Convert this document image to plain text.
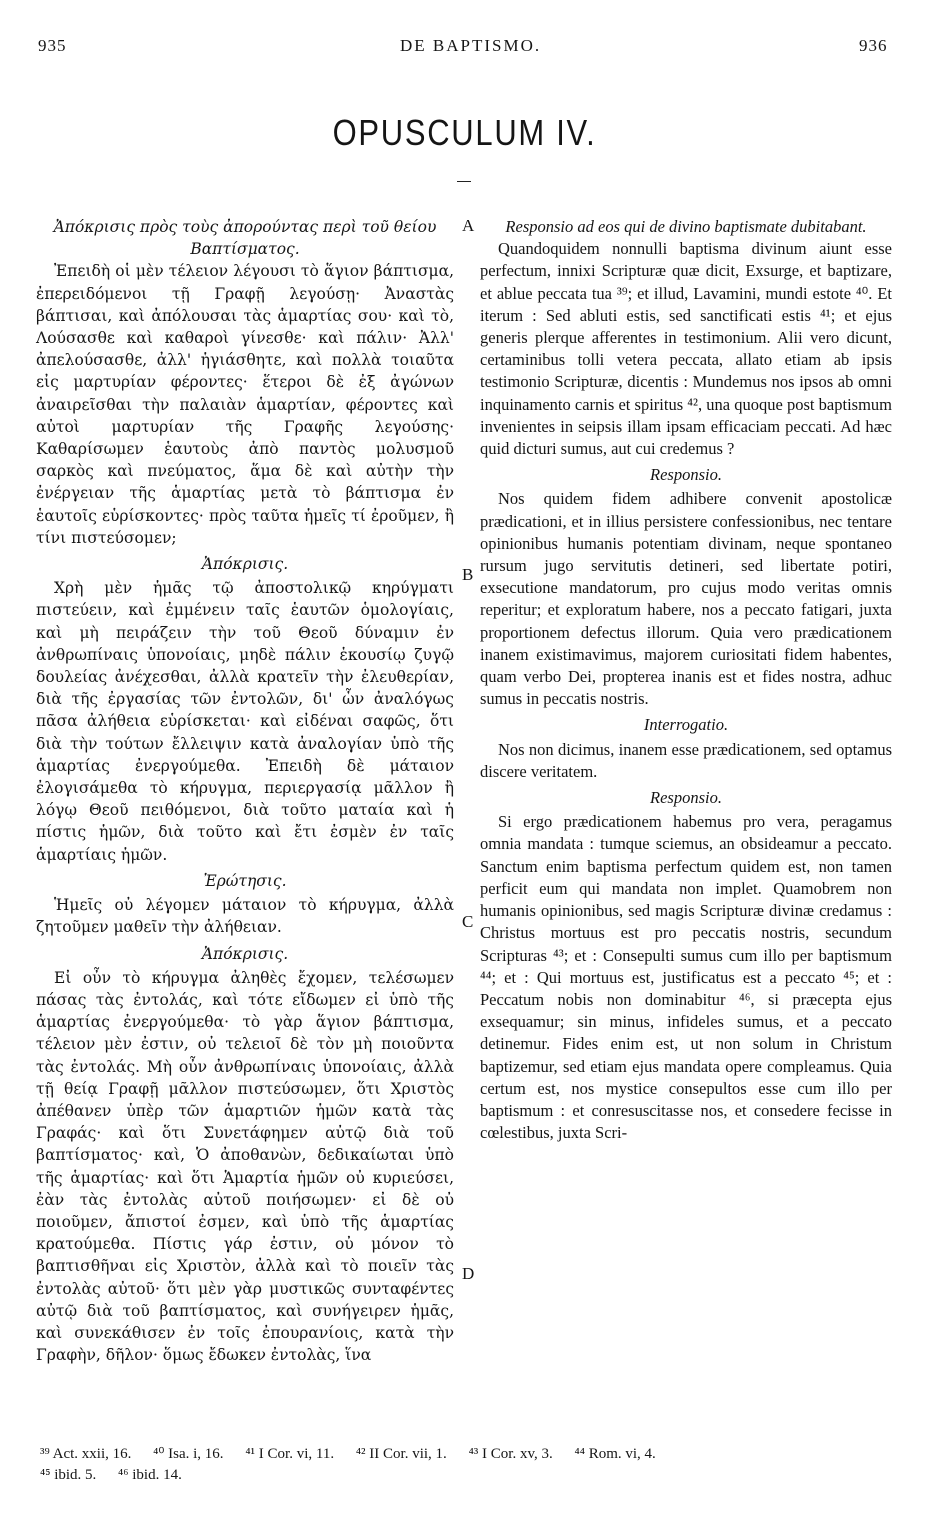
935	DE BAPTISMO.	936
OPUSCULUM IV.
A
B
C
D

Ἀπόκρισις πρὸς τοὺς ἀπορούντας περὶ τοῦ θείου Βαπτίσματος.

Ἐπειδὴ οἱ μὲν τέλειον λέγουσι τὸ ἅγιον βάπτισμα, ἐπερειδόμενοι τῇ Γραφῇ λεγούσῃ· Ἀναστὰς βάπτισαι, καὶ ἀπόλουσαι τὰς ἁμαρτίας σου· καὶ τὸ, Λούσασθε καὶ καθαροὶ γίνεσθε· καὶ πάλιν· Ἀλλ' ἀπελούσασθε, ἀλλ' ἡγιάσθητε, καὶ πολλὰ τοιαῦτα εἰς μαρτυρίαν φέροντες· ἕτεροι δὲ ἐξ ἀγώνων ἀναιρεῖσθαι τὴν παλαιὰν ἁμαρτίαν, φέροντες καὶ αὐτοὶ μαρτυρίαν τῆς Γραφῆς λεγούσης· Καθαρίσωμεν ἑαυτοὺς ἀπὸ παντὸς μολυσμοῦ σαρκὸς καὶ πνεύματος, ἅμα δὲ καὶ αὐτὴν τὴν ἐνέργειαν τῆς ἁμαρτίας μετὰ τὸ βάπτισμα ἐν ἑαυτοῖς εὑρίσκοντες· πρὸς ταῦτα ἡμεῖς τί ἐροῦμεν, ἢ τίνι πιστεύσομεν;

Ἀπόκρισις.

Χρὴ μὲν ἡμᾶς τῷ ἀποστολικῷ κηρύγματι πιστεύειν, καὶ ἐμμένειν ταῖς ἑαυτῶν ὁμολογίαις, καὶ μὴ πειράζειν τὴν τοῦ Θεοῦ δύναμιν ἐν ἀνθρωπίναις ὑπονοίαις, μηδὲ πάλιν ἑκουσίῳ ζυγῷ δουλείας ἀνέχεσθαι, ἀλλὰ κρατεῖν τὴν ἐλευθερίαν, διὰ τῆς ἐργασίας τῶν ἐντολῶν, δι' ὧν ἀναλόγως πᾶσα ἀλήθεια εὑρίσκεται· καὶ εἰδέναι σαφῶς, ὅτι διὰ τὴν τούτων ἔλλειψιν κατὰ ἀναλογίαν ὑπὸ τῆς ἁμαρτίας ἐνεργούμεθα. Ἐπειδὴ δὲ μάταιον ἐλογισάμεθα τὸ κήρυγμα, περιεργασίᾳ μᾶλλον ἢ λόγῳ Θεοῦ πειθόμενοι, διὰ τοῦτο ματαία καὶ ἡ πίστις ἡμῶν, διὰ τοῦτο καὶ ἔτι ἐσμὲν ἐν ταῖς ἁμαρτίαις ἡμῶν.

Ἐρώτησις.

Ἡμεῖς οὐ λέγομεν μάταιον τὸ κήρυγμα, ἀλλὰ ζητοῦμεν μαθεῖν τὴν ἀλήθειαν.

Ἀπόκρισις.

Εἰ οὖν τὸ κήρυγμα ἀληθὲς ἔχομεν, τελέσωμεν πάσας τὰς ἐντολάς, καὶ τότε εἴδωμεν εἰ ὑπὸ τῆς ἁμαρτίας ἐνεργούμεθα· τὸ γὰρ ἅγιον βάπτισμα, τέλειον μὲν ἐστιν, οὐ τελειοῖ δὲ τὸν μὴ ποιοῦντα τὰς ἐντολάς. Μὴ οὖν ἀνθρωπίναις ὑπονοίαις, ἀλλὰ τῇ θείᾳ Γραφῇ μᾶλλον πιστεύσωμεν, ὅτι Χριστὸς ἀπέθανεν ὑπὲρ τῶν ἁμαρτιῶν ἡμῶν κατὰ τὰς Γραφάς· καὶ ὅτι Συνετάφημεν αὐτῷ διὰ τοῦ βαπτίσματος· καὶ, Ὁ ἀποθανὼν, δεδικαίωται ὑπὸ τῆς ἁμαρτίας· καὶ ὅτι Ἁμαρτία ἡμῶν οὐ κυριεύσει, ἐὰν τὰς ἐντολὰς αὐτοῦ ποιήσωμεν· εἰ δὲ οὐ ποιοῦμεν, ἄπιστοί ἐσμεν, καὶ ὑπὸ τῆς ἁμαρτίας κρατούμεθα. Πίστις γάρ ἐστιν, οὐ μόνον τὸ βαπτισθῆναι εἰς Χριστὸν, ἀλλὰ καὶ τὸ ποιεῖν τὰς ἐντολὰς αὐτοῦ· ὅτι μὲν γὰρ μυστικῶς συνταφέντες αὐτῷ διὰ τοῦ βαπτίσματος, καὶ συνήγειρεν ἡμᾶς, καὶ συνεκάθισεν ἐν τοῖς ἐπουρανίοις, κατὰ τὴν Γραφὴν, δῆλον· ὅμως ἔδωκεν ἐντολὰς, ἵνα

Responsio ad eos qui de divino baptismate dubitabant.

Quandoquidem nonnulli baptisma divinum aiunt esse perfectum, innixi Scripturæ quæ dicit, Exsurge, et baptizare, et ablue peccata tua ³⁹; et illud, Lavamini, mundi estote ⁴⁰. Et iterum : Sed abluti estis, sed sanctificati estis ⁴¹; et ejus generis plerque afferentes in testimonium. Alii vero dicunt, certaminibus tolli vetera peccata, allato etiam ab ipsis testimonio Scripturæ, dicentis : Mundemus nos ipsos ab omni inquinamento carnis et spiritus ⁴², una quoque post baptismum invenientes in seipsis illam ipsam efficaciam peccati. Ad hæc quid dicturi sumus, aut cui credemus ?

Responsio.

Nos quidem fidem adhibere convenit apostolicæ prædicationi, et in illius persistere confessionibus, nec tentare opinionibus humanis potentiam divinam, neque spontaneo rursum jugo servitutis detineri, sed libertate potiri, exsecutione mandatorum, pro cujus modo veritas omnis reperitur; et exploratum habere, nos a peccato fatigari, juxta proportionem defectus illorum. Quia vero prædicationem inanem existimavimus, majorem curiositati fidem habentes, quam verbo Dei, propterea inanis est et fides nostra, adhuc sumus in peccatis nostris.

Interrogatio.

Nos non dicimus, inanem esse prædicationem, sed optamus discere veritatem.

Responsio.

Si ergo prædicationem habemus pro vera, peragamus omnia mandata : tumque sciemus, an obsideamur a peccato. Sanctum enim baptisma perfectum quidem est, non tamen perficit eum qui mandata non implet. Quamobrem non humanis opinionibus, sed magis Scripturæ divinæ credamus : Christus mortuus est pro peccatis nostris, secundum Scripturas ⁴³; et : Consepulti sumus cum illo per baptismum ⁴⁴; et : Qui mortuus est, justificatus est a peccato ⁴⁵; et : Peccatum nobis non dominabitur ⁴⁶, si præcepta ejus exsequamur; sin minus, infideles sumus, et a peccato detinemur. Fides enim est, ut non solum in Christum baptizemur, sed etiam ejus mandata opere compleamus. Quia certum est, nos mystice consepultos esse cum illo per baptismum : et conresuscitasse nos, et consedere fecisse in cœlestibus, juxta Scri-

³⁹ Act. xxii, 16. ⁴⁰ Isa. i, 16. ⁴¹ I Cor. vi, 11. ⁴² II Cor. vii, 1. ⁴³ I Cor. xv, 3. ⁴⁴ Rom. vi, 4.
⁴⁵ ibid. 5. ⁴⁶ ibid. 14.
